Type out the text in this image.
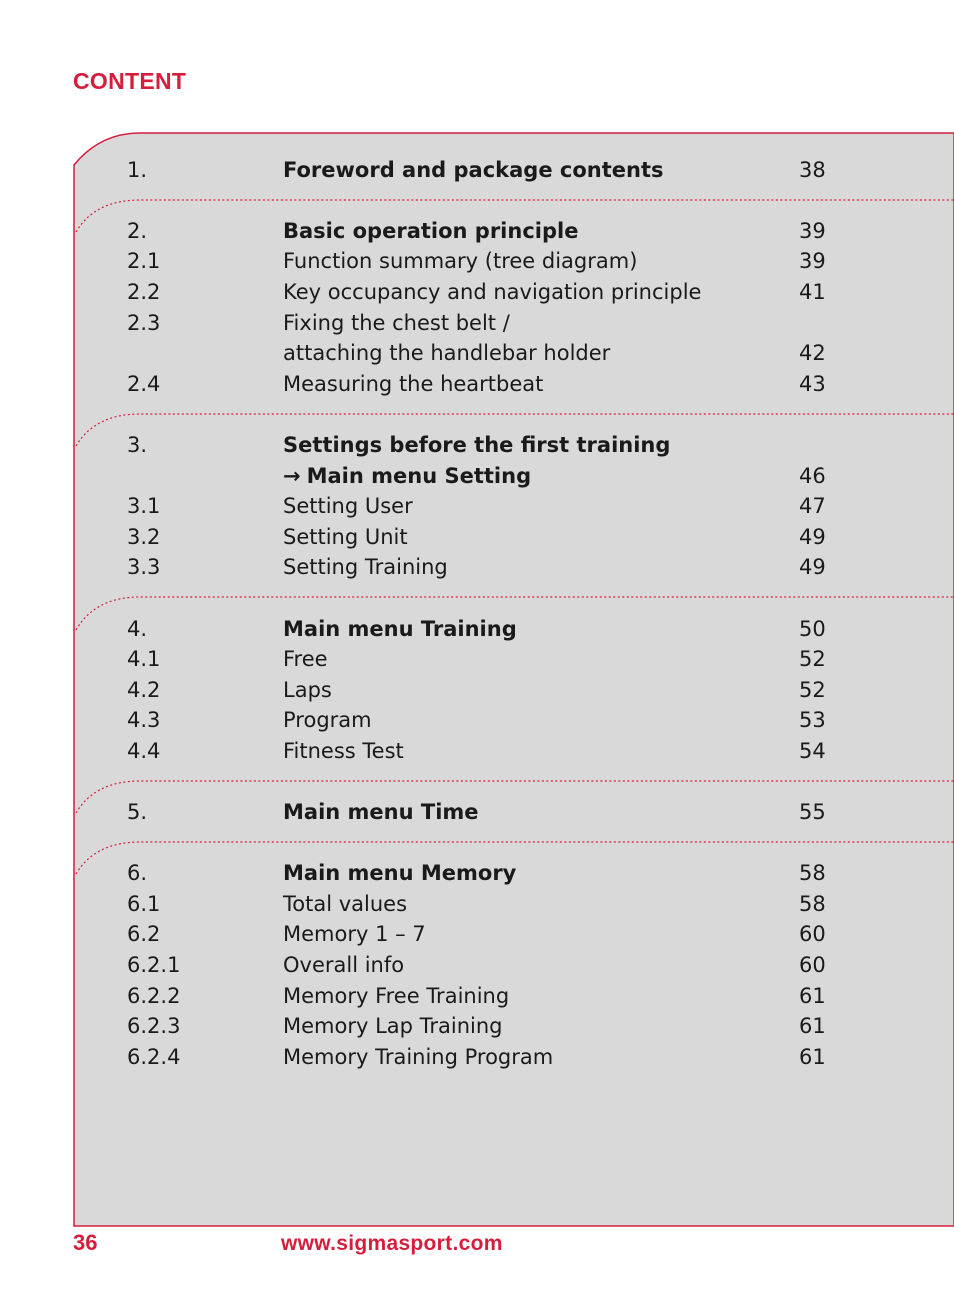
CONTENT
1.	Foreword and package contents	38
2.	Basic operation principle	39
2.1	Function summary (tree diagram)	39
2.2	Key occupancy and navigation principle	41
2.3	Fixing the chest belt /
attaching the handlebar holder	42
2.4	Measuring the heartbeat	43
3.	Settings before the first training
→ Main menu Setting	46
3.1	Setting User	47
3.2	Setting Unit	49
3.3	Setting Training	49
4.	Main menu Training	50
4.1	Free	52
4.2	Laps	52
4.3	Program	53
4.4	Fitness Test	54
5.	Main menu Time	55
6.	Main menu Memory	58
6.1	Total values	58
6.2	Memory 1 – 7	60
6.2.1	Overall info	60
6.2.2	Memory Free Training	61
6.2.3	Memory Lap Training	61
6.2.4	Memory Training Program	61
36	www.sigmasport.com
